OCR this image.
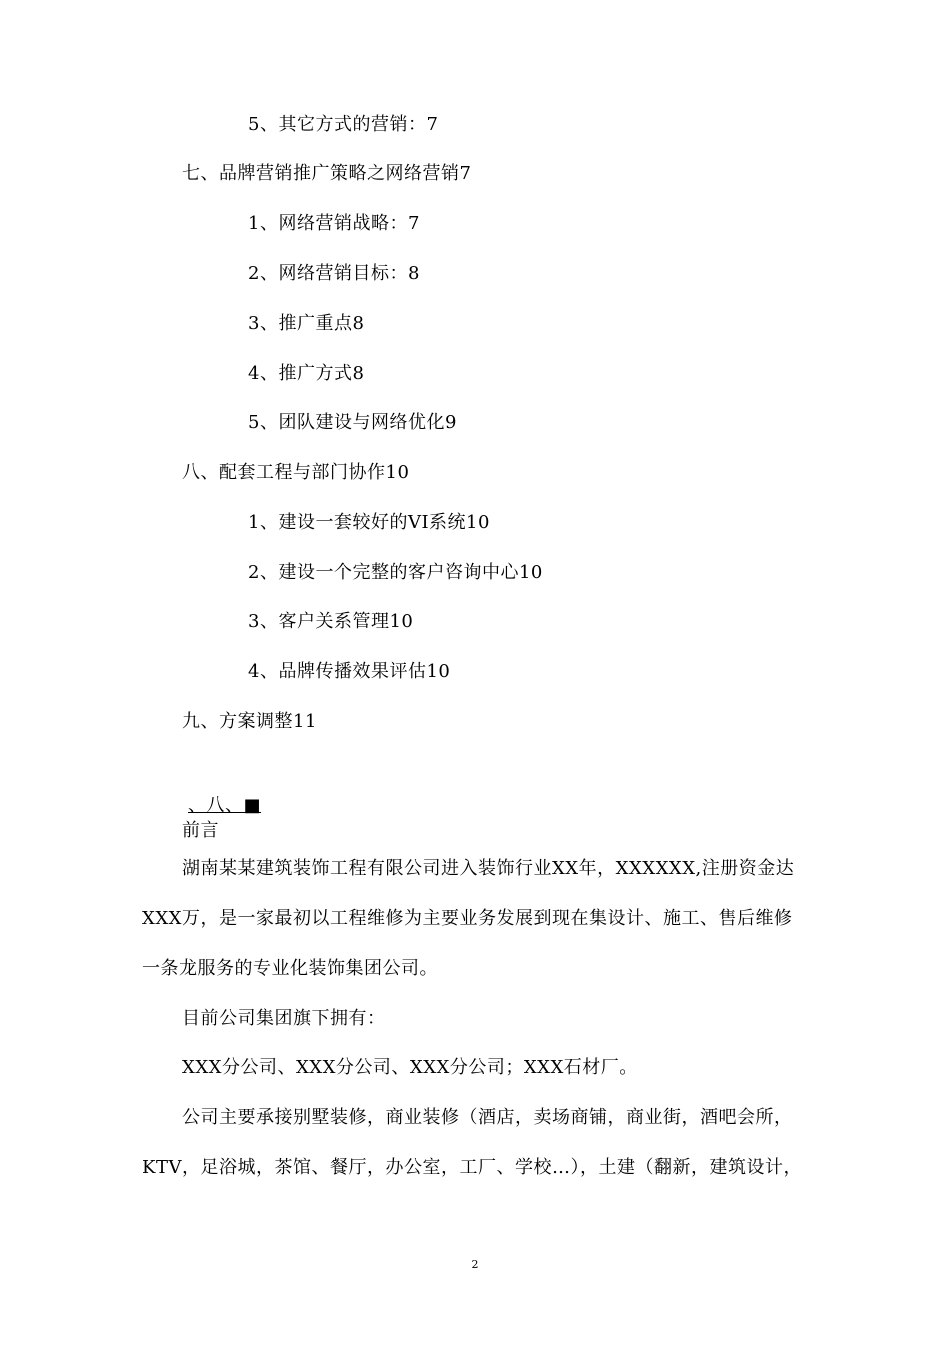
5、其它方式的营销：7
七、品牌营销推广策略之网络营销7
1、网络营销战略：7
2、网络营销目标：8
3、推广重点8
4、推广方式8
5、团队建设与网络优化9
八、配套工程与部门协作10
1、建设一套较好的VI系统10
2、建设一个完整的客户咨询中心10
3、客户关系管理10
4、品牌传播效果评估10
九、方案调整11
、八、■
前言
湖南某某建筑装饰工程有限公司进入装饰行业XX年，XXXXXX,注册资金达
XXX万，是一家最初以工程维修为主要业务发展到现在集设计、施工、售后维修
一条龙服务的专业化装饰集团公司。
目前公司集团旗下拥有：
XXX分公司、XXX分公司、XXX分公司；XXX石材厂。
公司主要承接别墅装修，商业装修（酒店，卖场商铺，商业街，酒吧会所，
KTV，足浴城，茶馆、餐厅，办公室，工厂、学校…），土建（翻新，建筑设计，
2
